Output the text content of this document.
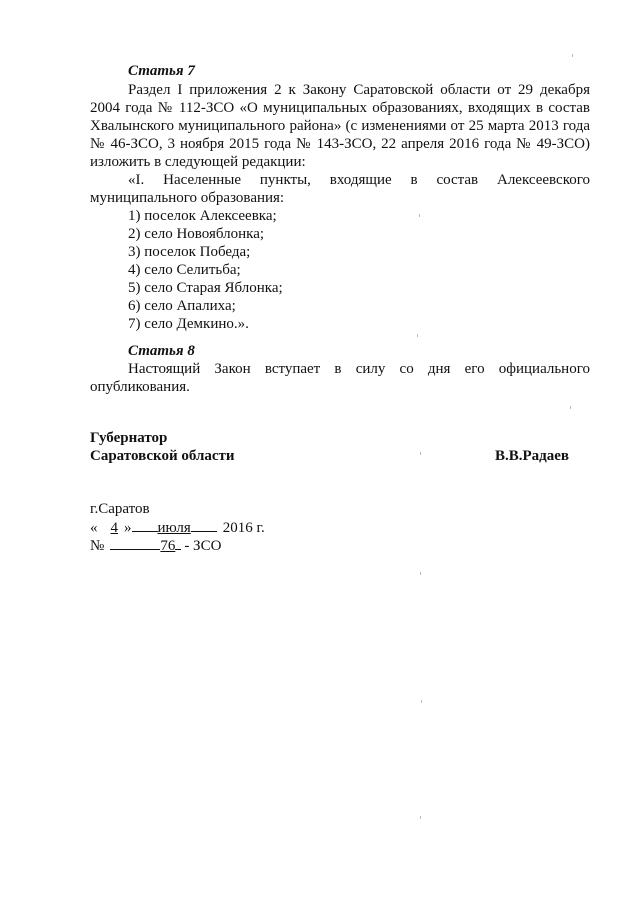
Статья 7
Раздел I приложения 2 к Закону Саратовской области от 29 декабря
2004 года № 112-ЗСО «О муниципальных образованиях, входящих в состав
Хвалынского муниципального района» (с изменениями от 25 марта 2013 года
№ 46-ЗСО, 3 ноября 2015 года № 143-ЗСО, 22 апреля 2016 года № 49-ЗСО)
изложить в следующей редакции:
«I. Населенные пункты, входящие в состав Алексеевского
муниципального образования:
1) поселок Алексеевка;
2) село Новояблонка;
3) поселок Победа;
4) село Селитьба;
5) село Старая Яблонка;
6) село Апалиха;
7) село Демкино.».
Статья 8
Настоящий Закон вступает в силу со дня его официального
опубликования.
Губернатор
Саратовской области	В.В.Радаев
г.Саратов
« 4 » июля 2016 г.
№	76 - ЗСО
